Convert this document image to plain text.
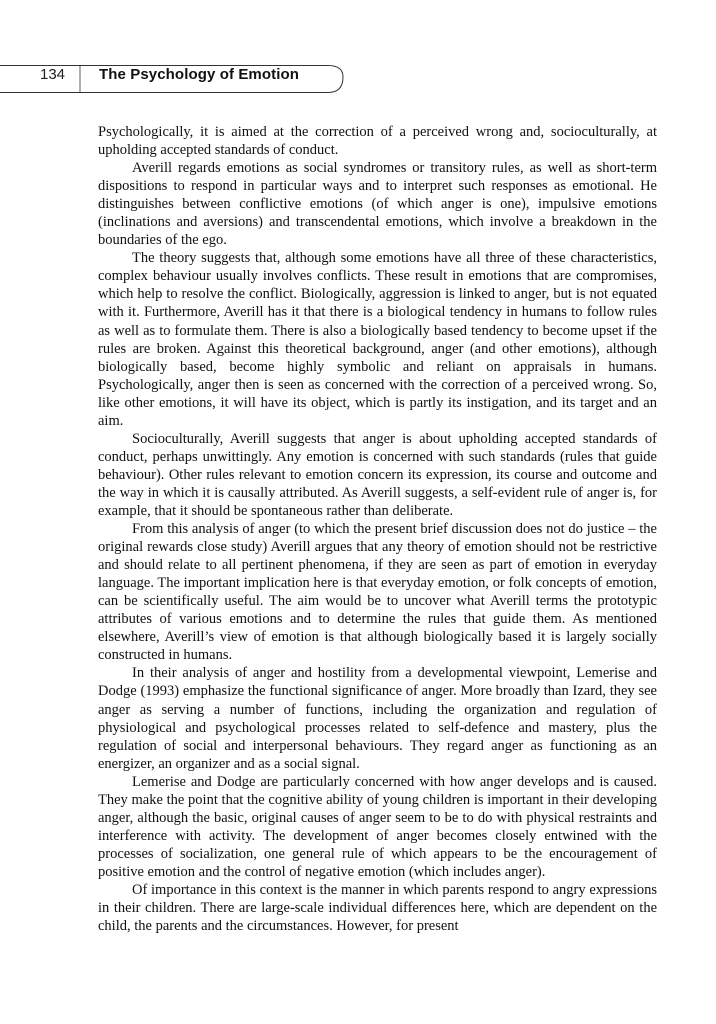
134 The Psychology of Emotion

Psychologically, it is aimed at the correction of a perceived wrong and, socioculturally, at upholding accepted standards of conduct.

Averill regards emotions as social syndromes or transitory rules, as well as short-term dispositions to respond in particular ways and to interpret such responses as emotional. He distinguishes between conflictive emotions (of which anger is one), impulsive emotions (inclinations and aversions) and transcendental emotions, which involve a breakdown in the boundaries of the ego.

The theory suggests that, although some emotions have all three of these characteristics, complex behaviour usually involves conflicts. These result in emotions that are compromises, which help to resolve the conflict. Biologically, aggression is linked to anger, but is not equated with it. Furthermore, Averill has it that there is a biological tendency in humans to follow rules as well as to formulate them. There is also a biologically based tendency to become upset if the rules are broken. Against this theoretical background, anger (and other emotions), although biologically based, become highly symbolic and reliant on appraisals in humans. Psychologically, anger then is seen as concerned with the correction of a perceived wrong. So, like other emotions, it will have its object, which is partly its instigation, and its target and an aim.

Socioculturally, Averill suggests that anger is about upholding accepted standards of conduct, perhaps unwittingly. Any emotion is concerned with such standards (rules that guide behaviour). Other rules relevant to emotion concern its expression, its course and outcome and the way in which it is causally attributed. As Averill suggests, a self-evident rule of anger is, for example, that it should be spontaneous rather than deliberate.

From this analysis of anger (to which the present brief discussion does not do justice – the original rewards close study) Averill argues that any theory of emotion should not be restrictive and should relate to all pertinent phenomena, if they are seen as part of emotion in everyday language. The important implication here is that everyday emotion, or folk concepts of emotion, can be scientifically useful. The aim would be to uncover what Averill terms the prototypic attributes of various emotions and to determine the rules that guide them. As mentioned elsewhere, Averill’s view of emotion is that although biologically based it is largely socially constructed in humans.

In their analysis of anger and hostility from a developmental viewpoint, Lemerise and Dodge (1993) emphasize the functional significance of anger. More broadly than Izard, they see anger as serving a number of functions, including the organization and regulation of physiological and psychological processes related to self-defence and mastery, plus the regulation of social and interpersonal behaviours. They regard anger as functioning as an energizer, an organizer and as a social signal.

Lemerise and Dodge are particularly concerned with how anger develops and is caused. They make the point that the cognitive ability of young children is important in their developing anger, although the basic, original causes of anger seem to be to do with physical restraints and interference with activity. The development of anger becomes closely entwined with the processes of socialization, one general rule of which appears to be the encouragement of positive emotion and the control of negative emotion (which includes anger).

Of importance in this context is the manner in which parents respond to angry expressions in their children. There are large-scale individual differences here, which are dependent on the child, the parents and the circumstances. However, for present
